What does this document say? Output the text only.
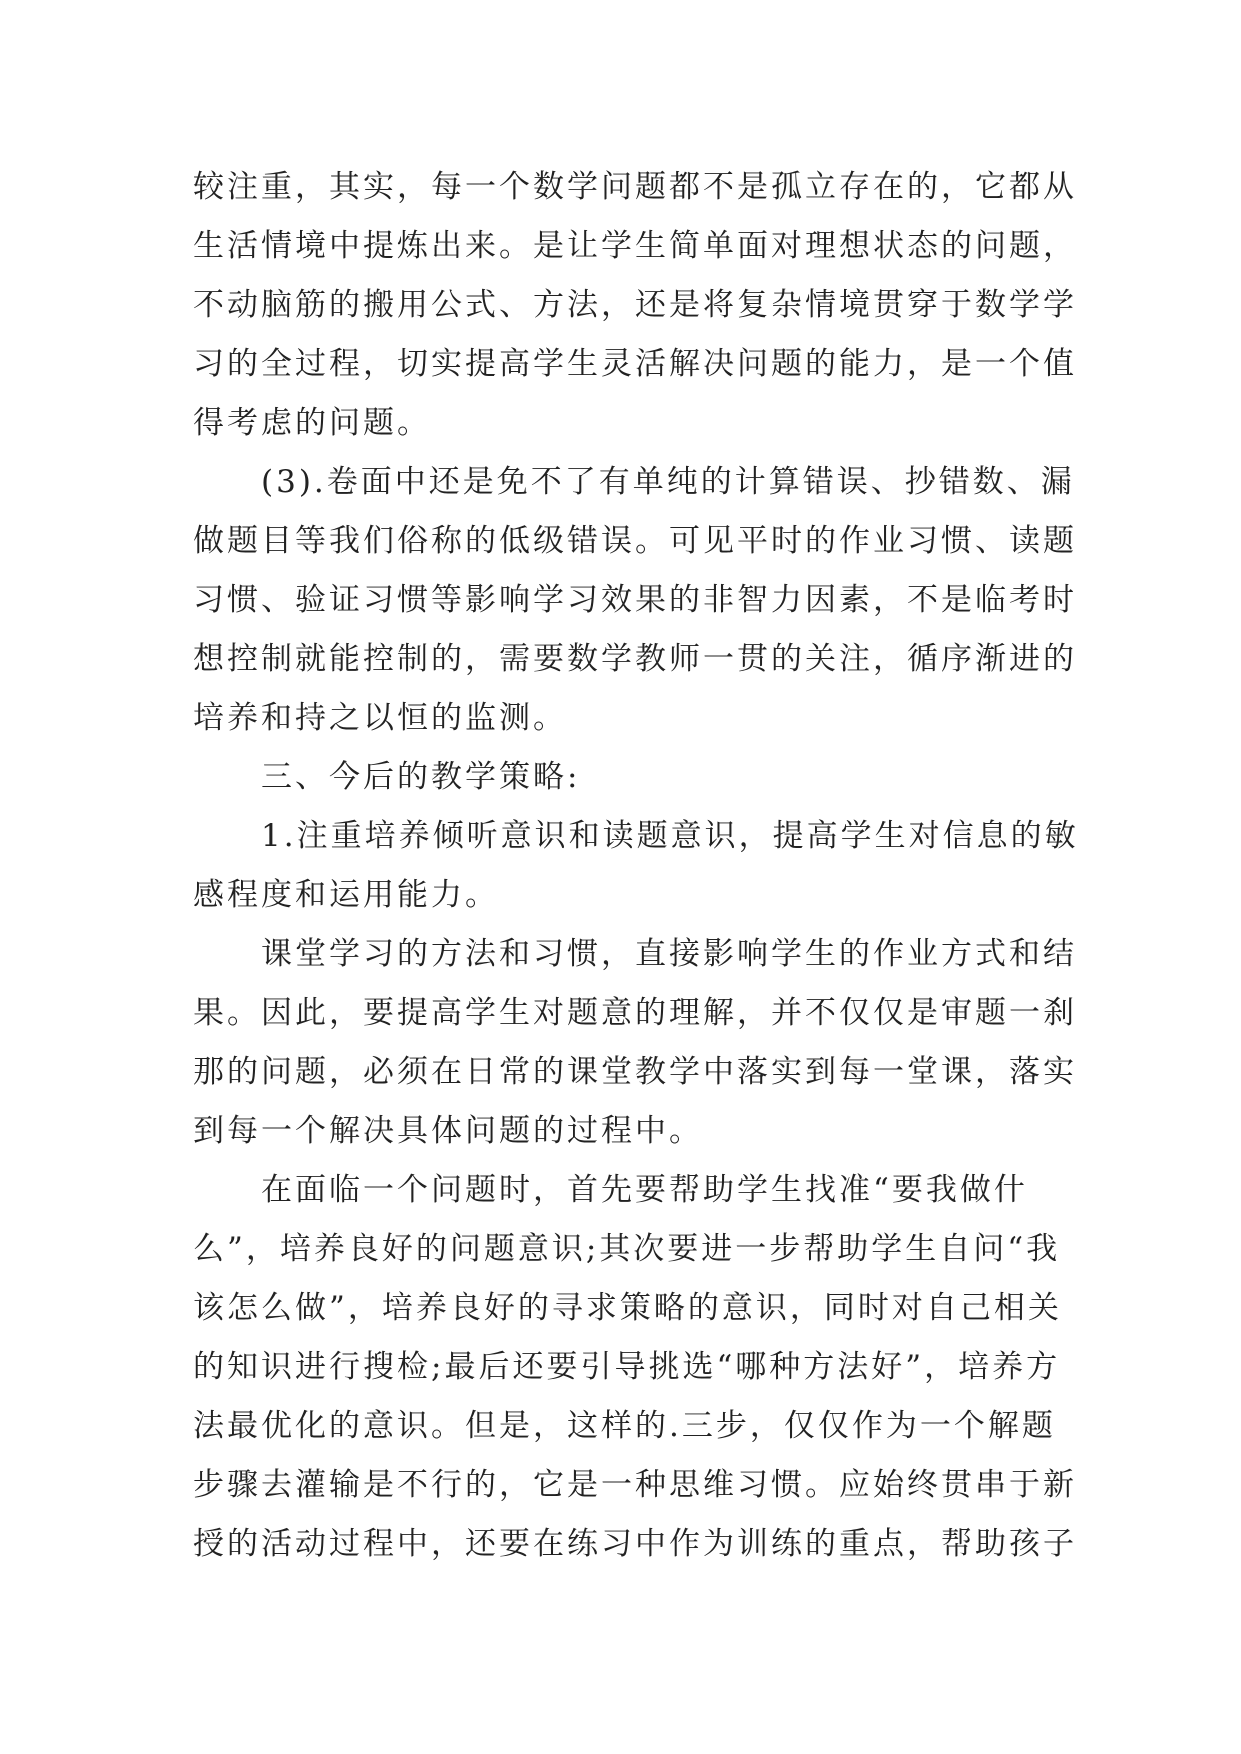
较注重，其实，每一个数学问题都不是孤立存在的，它都从
生活情境中提炼出来。是让学生简单面对理想状态的问题，
不动脑筋的搬用公式、方法，还是将复杂情境贯穿于数学学
习的全过程，切实提高学生灵活解决问题的能力，是一个值
得考虑的问题。
　　(3).卷面中还是免不了有单纯的计算错误、抄错数、漏
做题目等我们俗称的低级错误。可见平时的作业习惯、读题
习惯、验证习惯等影响学习效果的非智力因素，不是临考时
想控制就能控制的，需要数学教师一贯的关注，循序渐进的
培养和持之以恒的监测。
　　三、今后的教学策略:
　　1.注重培养倾听意识和读题意识，提高学生对信息的敏
感程度和运用能力。
　　课堂学习的方法和习惯，直接影响学生的作业方式和结
果。因此，要提高学生对题意的理解，并不仅仅是审题一刹
那的问题，必须在日常的课堂教学中落实到每一堂课，落实
到每一个解决具体问题的过程中。
　　在面临一个问题时，首先要帮助学生找准“要我做什
么”，培养良好的问题意识;其次要进一步帮助学生自问“我
该怎么做”，培养良好的寻求策略的意识，同时对自己相关
的知识进行搜检;最后还要引导挑选“哪种方法好”，培养方
法最优化的意识。但是，这样的.三步，仅仅作为一个解题
步骤去灌输是不行的，它是一种思维习惯。应始终贯串于新
授的活动过程中，还要在练习中作为训练的重点，帮助孩子
